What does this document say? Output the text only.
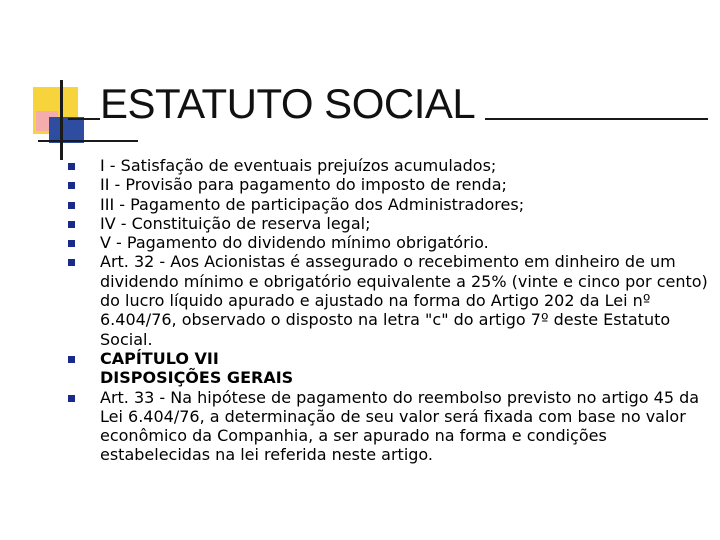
ESTATUTO SOCIAL
I - Satisfação de eventuais prejuízos acumulados;
II - Provisão para pagamento do imposto de renda;
III - Pagamento de participação dos Administradores;
IV - Constituição de reserva legal;
V - Pagamento do dividendo mínimo obrigatório.
Art. 32 - Aos Acionistas é assegurado o recebimento em dinheiro de um dividendo mínimo e obrigatório equivalente a 25% (vinte e cinco por cento) do lucro líquido apurado e ajustado na forma do Artigo 202 da Lei nº 6.404/76, observado o disposto na letra "c" do artigo 7º deste Estatuto Social.
CAPÍTULO VII
DISPOSIÇÕES GERAIS
Art. 33 - Na hipótese de pagamento do reembolso previsto no artigo 45 da Lei 6.404/76, a determinação de seu valor será fixada com base no valor econômico da Companhia, a ser apurado na forma e condições estabelecidas na lei referida neste artigo.
